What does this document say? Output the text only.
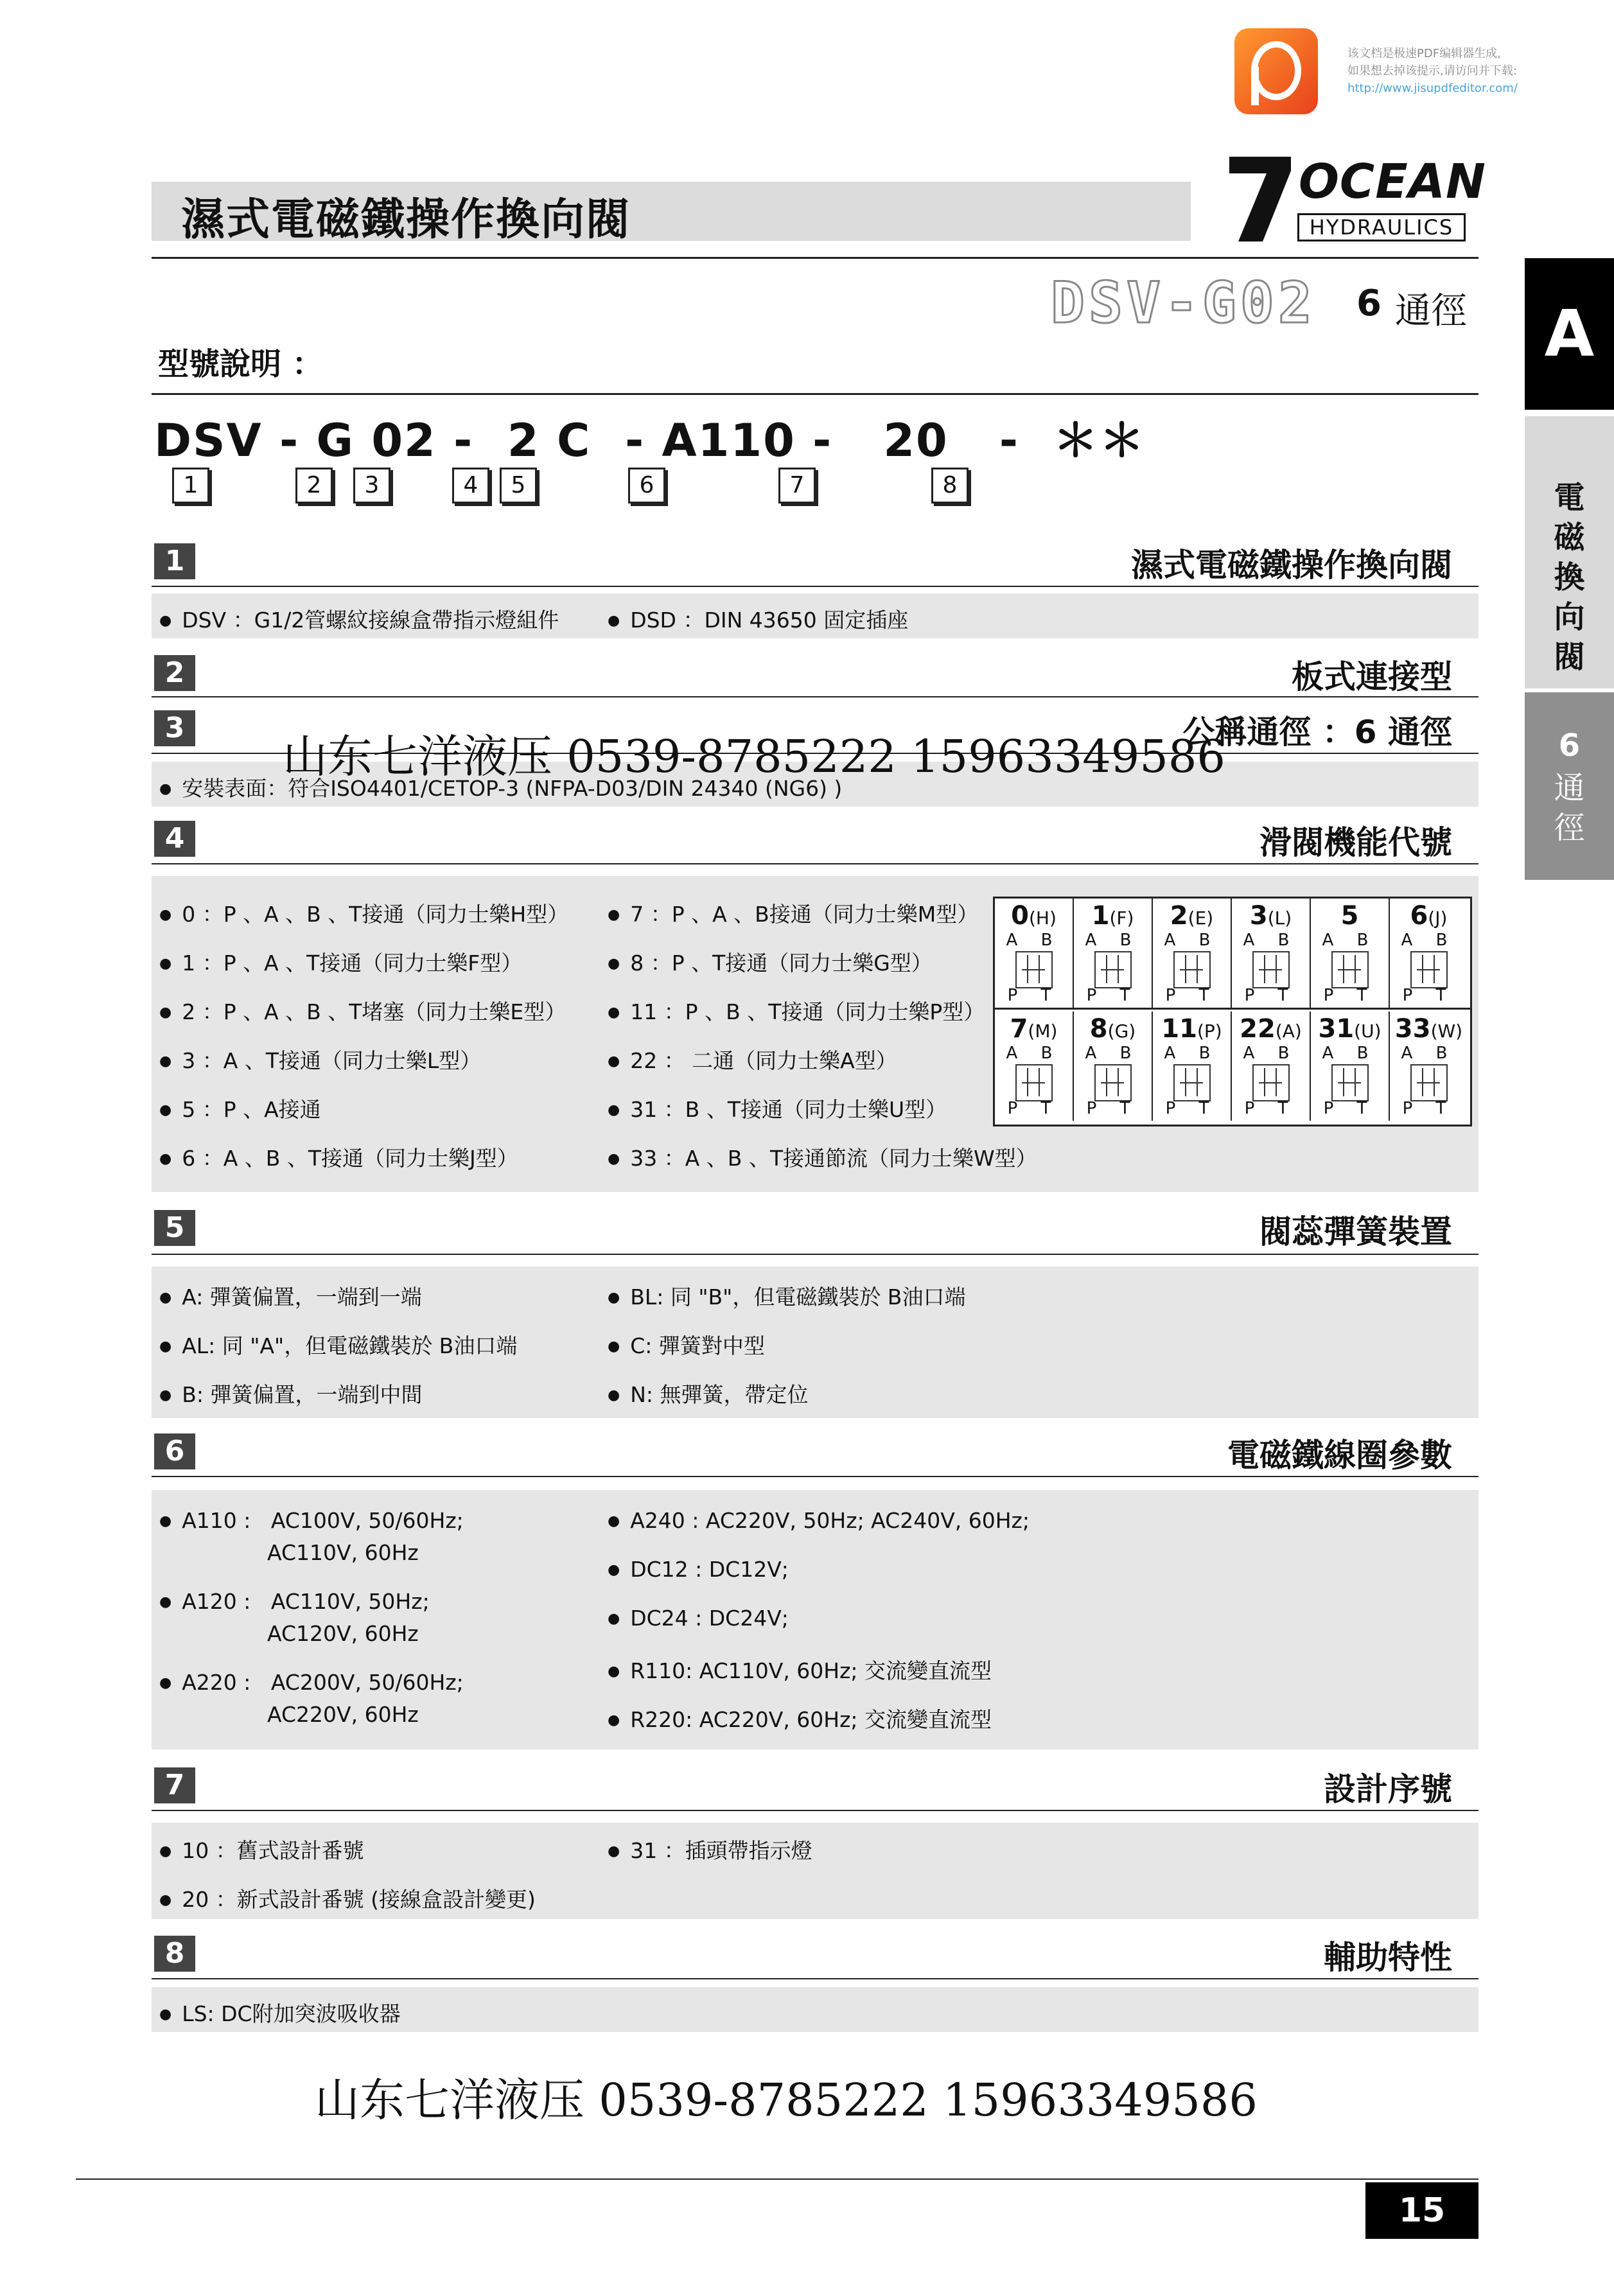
该文档是极速PDF编辑器生成,
如果想去掉该提示,请访问并下载:
http://www.jisupdfeditor.com/
濕式電磁鐵操作換向閥
OCEAN
HYDRAULICS
A
電
磁
換
向
閥
6
通
徑
DSV-G02 6 通徑
型號說明 ：
DSV - G 02 -  2 C  - A110 -   20   -  ＊＊
1	2	3	4	5	6	7	8
1	濕式電磁鐵操作換向閥
● DSV ：G1/2管螺紋接線盒帶指示燈組件
●	DSD ：DIN 43650 固定插座
2	板式連接型
3	公稱通徑 ：6 通徑
● 安裝表面：符合ISO4401/CETOP-3 (NFPA-D03/DIN 24340 (NG6) )
4	滑閥機能代號
● 0 ：P 、A 、B 、T接通（同力士樂H型）
● 1 ：P 、A 、T接通（同力士樂F型）
● 2 ：P 、A 、B 、T堵塞（同力士樂E型）
● 3 ：A 、T接通（同力士樂L型）
● 5 ：P 、A接通
● 6 ：A 、B 、T接通（同力士樂J型）
● 7 ：P 、A 、B接通（同力士樂M型）
● 8 ：P 、T接通（同力士樂G型）
● 11 ：P 、B 、T接通（同力士樂P型）
● 22 ： 二通（同力士樂A型）
● 31 ：B 、T接通（同力士樂U型）
● 33 ：A 、B 、T接通節流（同力士樂W型）
0(H)
A B
P T
1(F)
A B
P T
2(E)
A B
P T
3(L)
A B
P T
5
A B
P T
6(J)
A B
P T
7(M)
A B
P T
8(G)
A B
P T
11(P)
A B
P T
22(A)
A B
P T
31(U)
A B
P T
33(W)
A B
P T
5	閥蕊彈簧裝置
● A: 彈簧偏置，一端到一端
● AL: 同 "A"，但電磁鐵裝於 B油口端
● B: 彈簧偏置，一端到中間
● BL: 同 "B"，但電磁鐵裝於 B油口端
● C: 彈簧對中型
● N: 無彈簧，帶定位
6	電磁鐵線圈參數
● A110 : AC100V, 50/60Hz;
AC110V, 60Hz
● A120 : AC110V, 50Hz;
AC120V, 60Hz
● A220 : AC200V, 50/60Hz;
AC220V, 60Hz
● A240 : AC220V, 50Hz; AC240V, 60Hz;
● DC12 : DC12V;
● DC24 : DC24V;
● R110: AC110V, 60Hz; 交流變直流型
● R220: AC220V, 60Hz; 交流變直流型
7	設計序號
● 10 ：舊式設計番號
● 20 ：新式設計番號 (接線盒設計變更)
● 31 ：插頭帶指示燈
8	輔助特性
● LS: DC附加突波吸收器
山东七洋液压 0539-8785222 15963349586
山东七洋液压 0539-8785222 15963349586
15
